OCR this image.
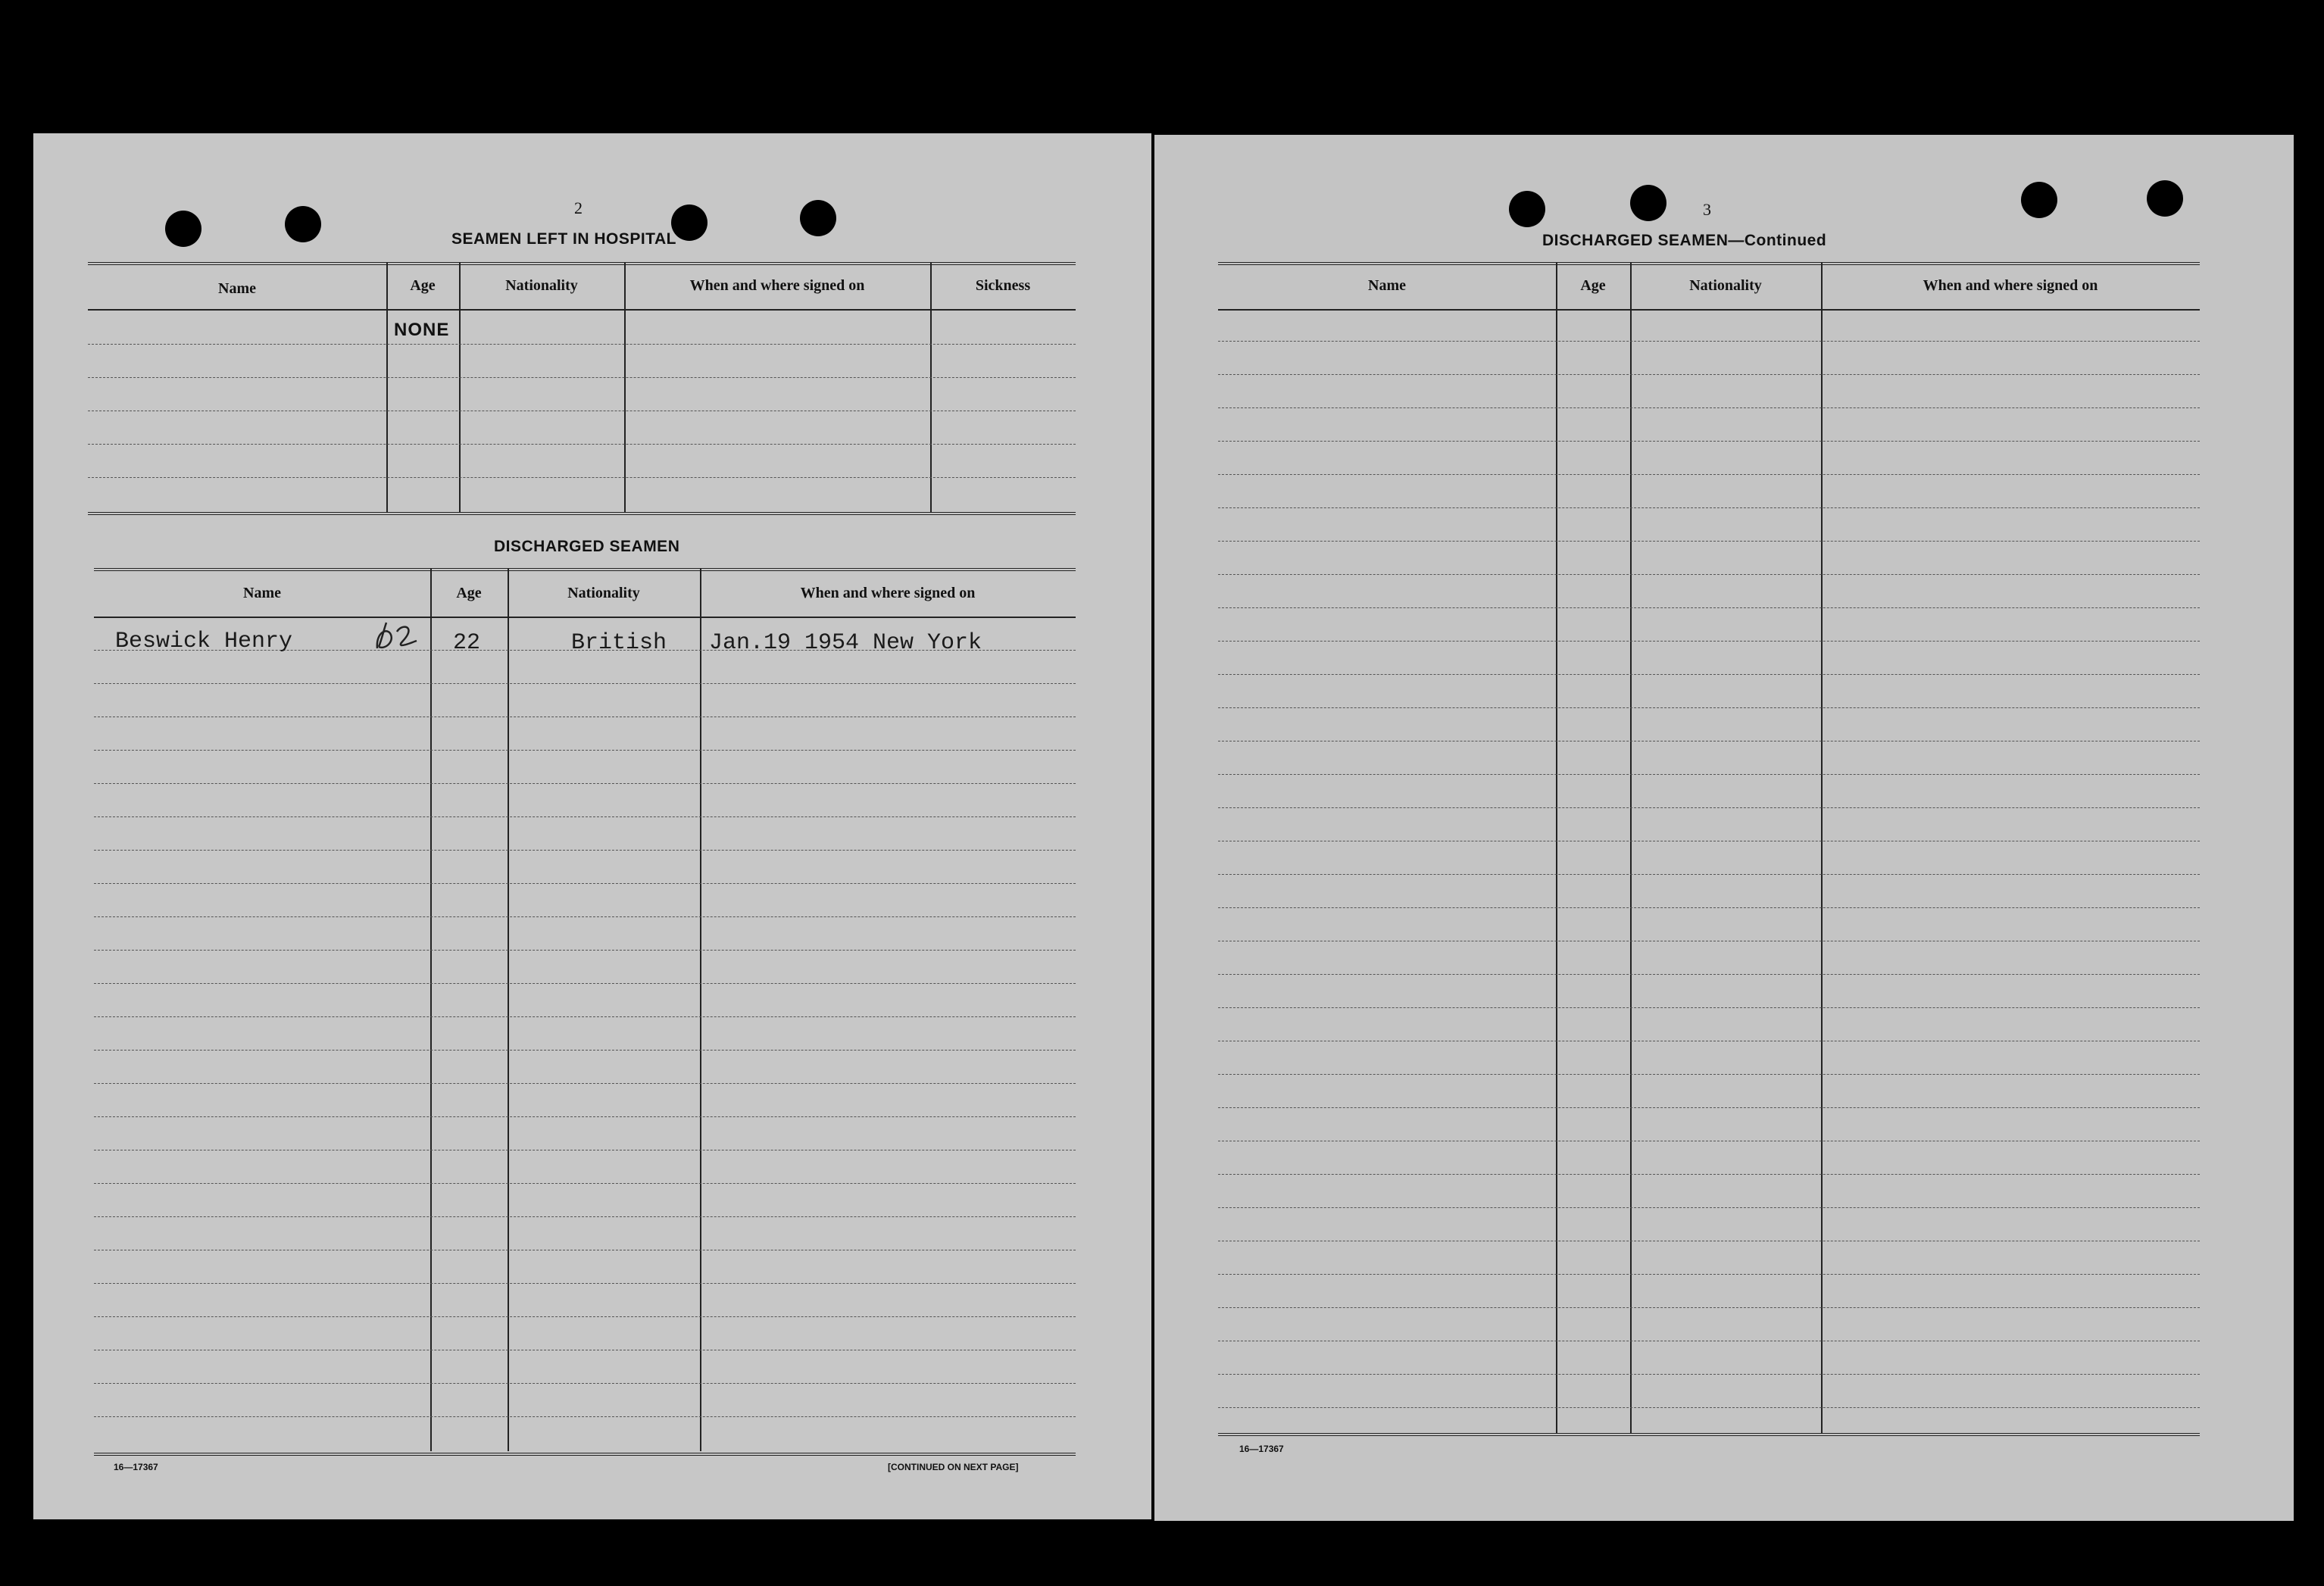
2
SEAMEN LEFT IN HOSPITAL
Name	Age	Nationality	When and where signed on	Sickness
NONE
DISCHARGED SEAMEN
Name	Age	Nationality	When and where signed on
Beswick Henry	22	British Jan.19 1954 New York
16—17367	[CONTINUED ON NEXT PAGE]
3
DISCHARGED SEAMEN—Continued
Name	Age	Nationality	When and where signed on
16—17367
